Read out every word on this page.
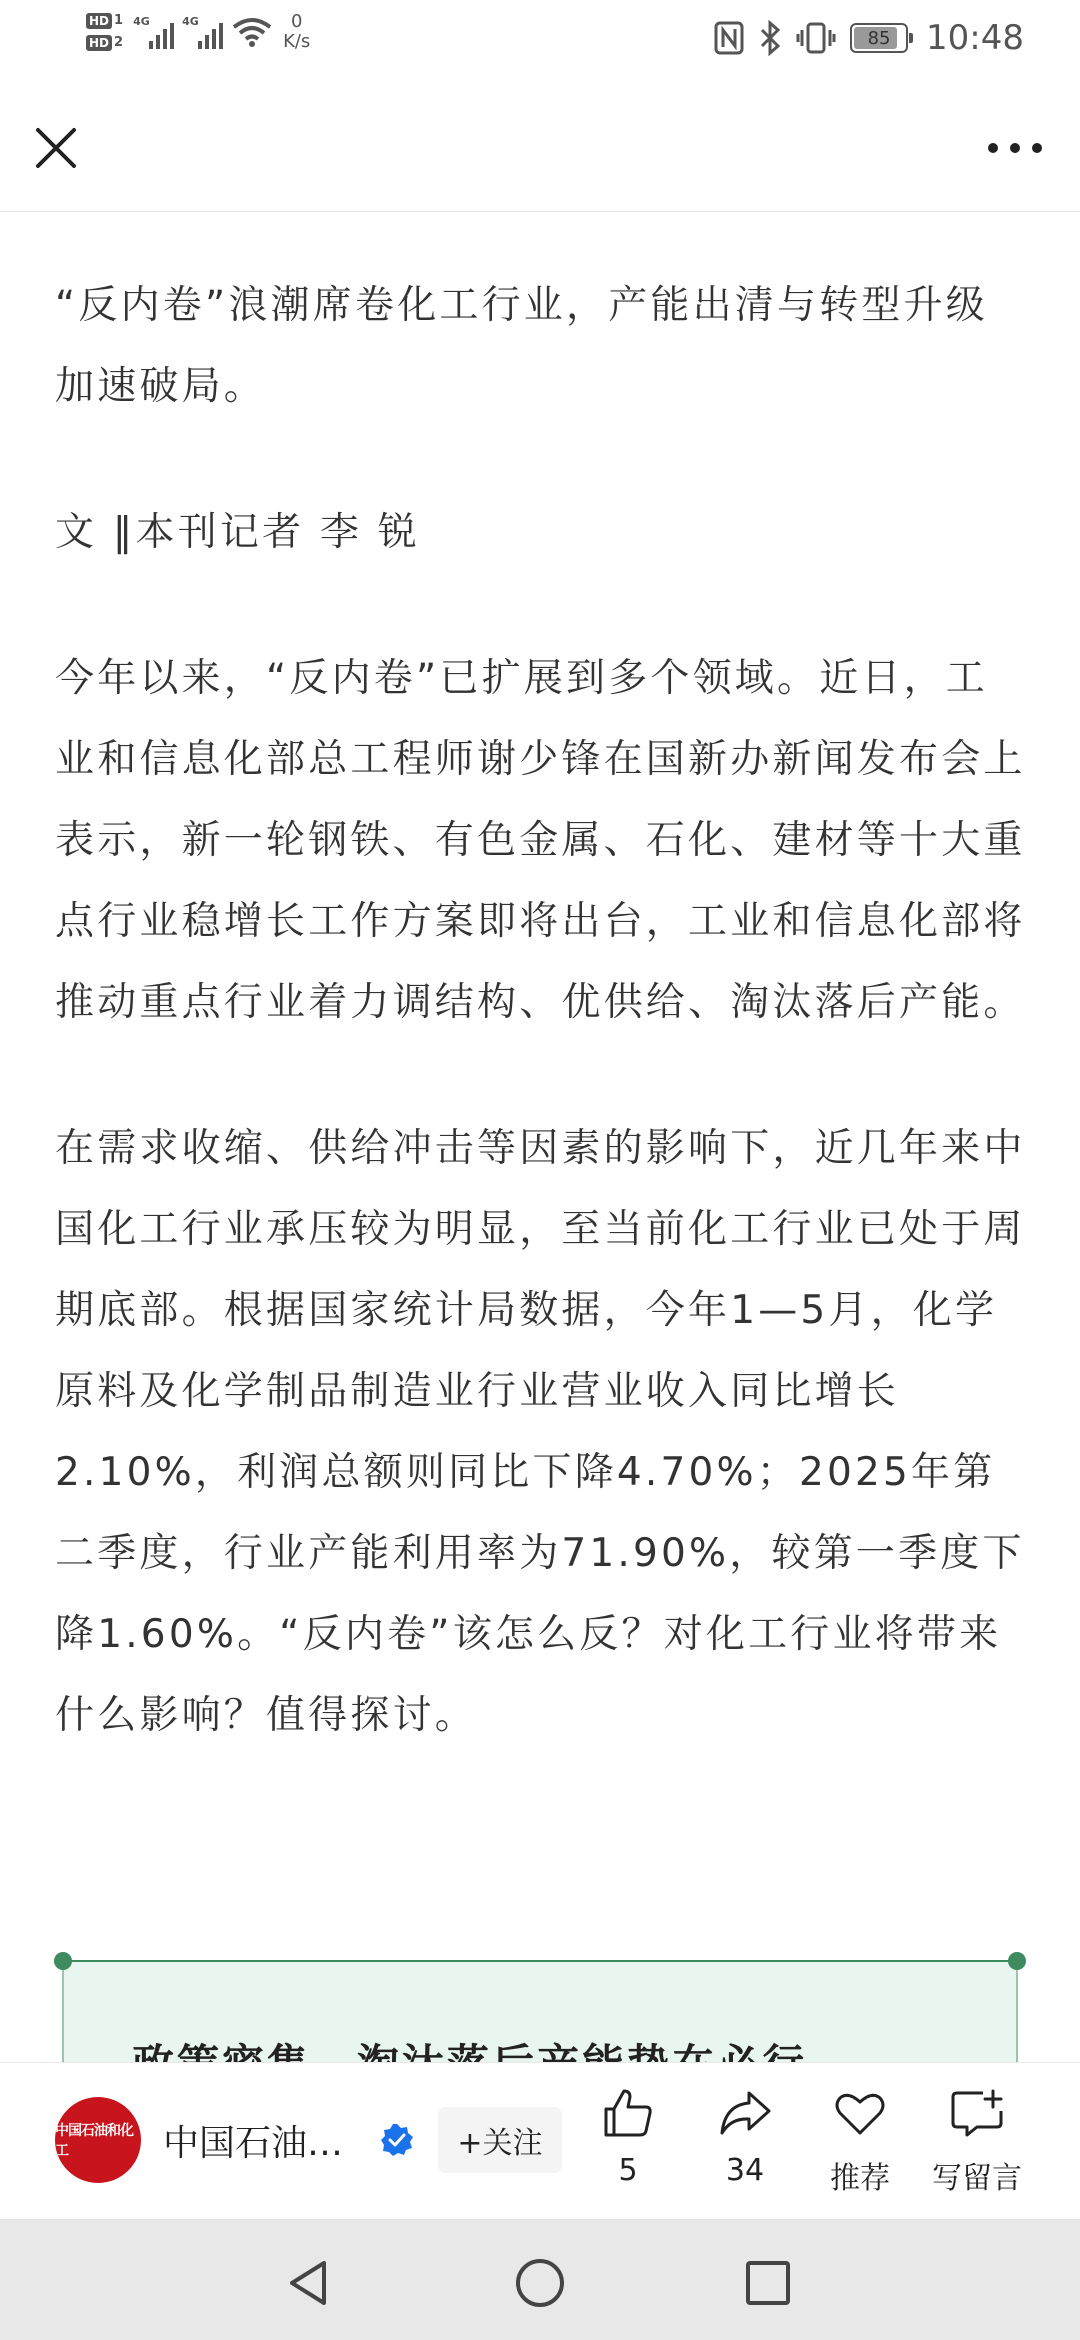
HD 1
HD 2
4G	4G	0
K/s	85 10:48

“反内卷”浪潮席卷化工行业，产能出清与转型升级加速破局。

文 ‖本刊记者 李 锐

今年以来，“反内卷”已扩展到多个领域。近日，工业和信息化部总工程师谢少锋在国新办新闻发布会上表示，新一轮钢铁、有色金属、石化、建材等十大重点行业稳增长工作方案即将出台，工业和信息化部将推动重点行业着力调结构、优供给、淘汰落后产能。

在需求收缩、供给冲击等因素的影响下，近几年来中国化工行业承压较为明显，至当前化工行业已处于周期底部。根据国家统计局数据，今年1—5月，化学原料及化学制品制造业行业营业收入同比增长2.10%，利润总额则同比下降4.70%；2025年第二季度，行业产能利用率为71.90%，较第一季度下降1.60%。“反内卷”该怎么反？对化工行业将带来什么影响？值得探讨。

中国石油和化工	中国石油…	+关注
5	34 推荐 写留言
